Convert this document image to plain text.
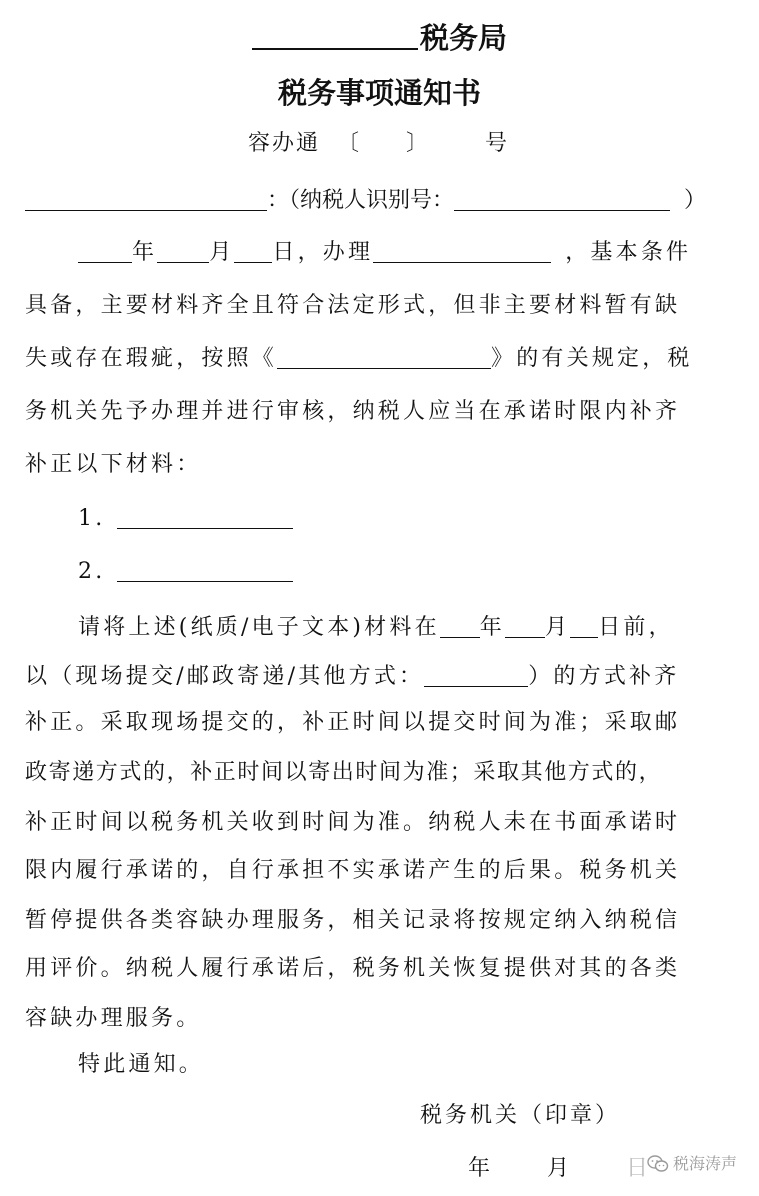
税务局
税务事项通知书
容办通 〔 〕	号
：（纳税人识别号：	）
年 月 日，办理	，基本条件
具备，主要材料齐全且符合法定形式，但非主要材料暂有缺
失或存在瑕疵，按照《	》的有关规定，税
务机关先予办理并进行审核，纳税人应当在承诺时限内补齐
补正以下材料：
1.
2.
请将上述(纸质/电子文本)材料在 年 月 日前，
以（现场提交/邮政寄递/其他方式：	）的方式补齐
补正。采取现场提交的，补正时间以提交时间为准；采取邮
政寄递方式的，补正时间以寄出时间为准；采取其他方式的，
补正时间以税务机关收到时间为准。纳税人未在书面承诺时
限内履行承诺的，自行承担不实承诺产生的后果。税务机关
暂停提供各类容缺办理服务，相关记录将按规定纳入纳税信
用评价。纳税人履行承诺后，税务机关恢复提供对其的各类
容缺办理服务。
特此通知。
税务机关（印章）
年 月 日	税海涛声
